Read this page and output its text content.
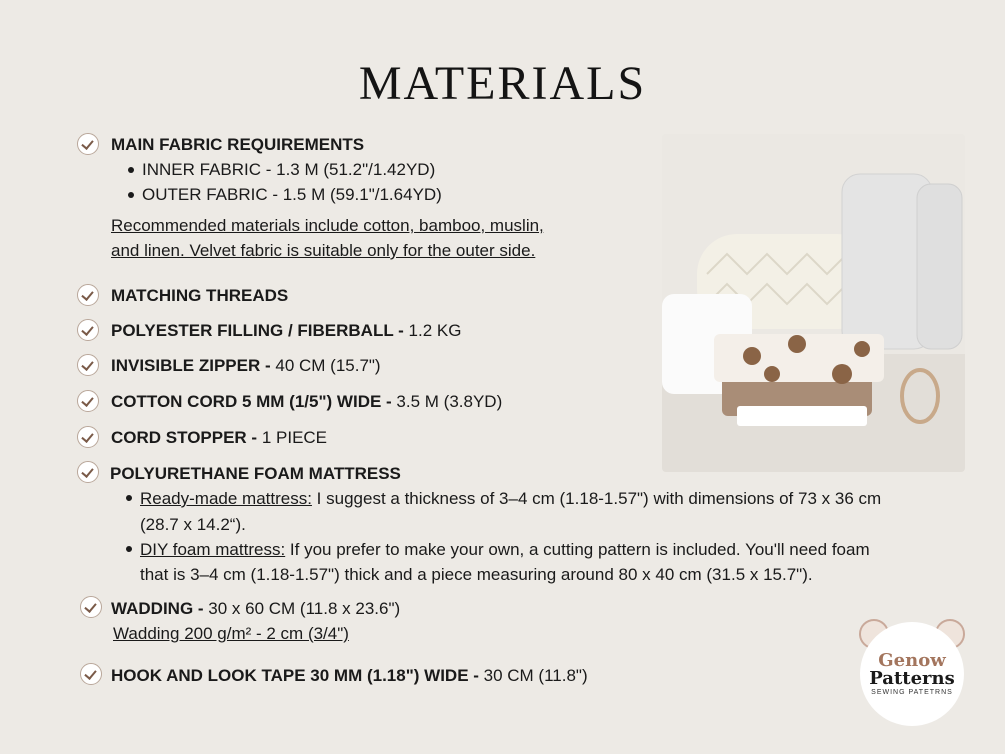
MATERIALS
MAIN FABRIC REQUIREMENTS
INNER FABRIC - 1.3 M (51.2"/1.42YD)
OUTER FABRIC - 1.5 M (59.1"/1.64YD)
Recommended materials include cotton, bamboo, muslin,
and linen. Velvet fabric is suitable only for the outer side.
MATCHING THREADS
POLYESTER FILLING / FIBERBALL - 1.2 KG
INVISIBLE ZIPPER - 40 CM (15.7")
COTTON CORD 5 MM (1/5") WIDE - 3.5 M (3.8YD)
CORD STOPPER - 1 PIECE
POLYURETHANE FOAM MATTRESS
Ready-made mattress: I suggest a thickness of 3–4 cm (1.18-1.57") with dimensions of 73 x 36 cm
(28.7 x 14.2“).
DIY foam mattress: If you prefer to make your own, a cutting pattern is included. You'll need foam
that is 3–4 cm (1.18-1.57") thick and a piece measuring around 80 x 40 cm (31.5 x 15.7").
WADDING - 30 x 60 CM (11.8 x 23.6")
Wadding 200 g/m² - 2 cm (3/4")
HOOK AND LOOK TAPE 30 MM (1.18") WIDE - 30 CM (11.8")
Genow
Patterns
SEWING PATETRNS
